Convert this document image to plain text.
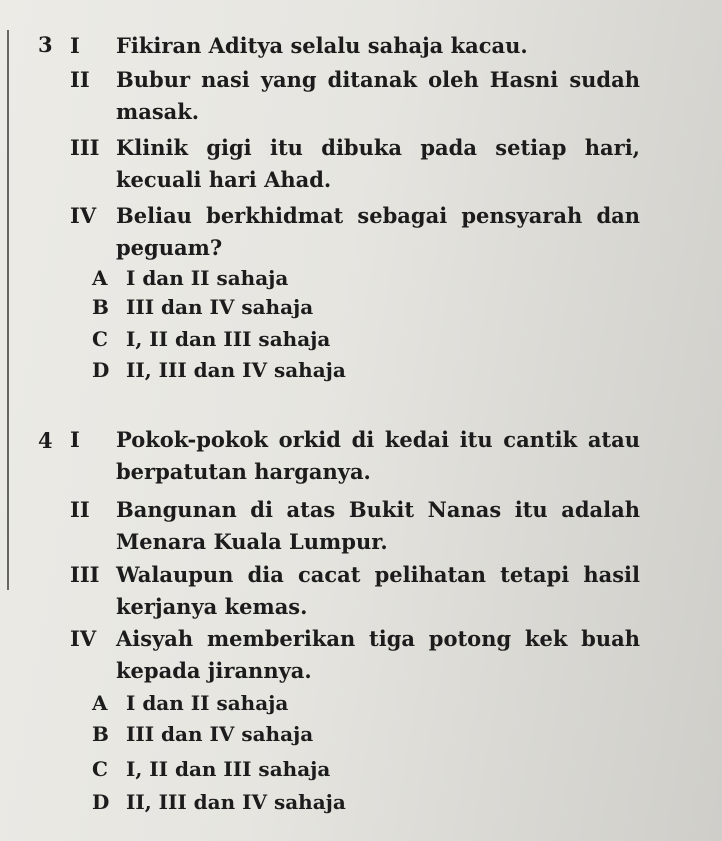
3 I	Fikiran Aditya selalu sahaja kacau.
II	Bubur nasi yang ditanak oleh Hasni sudah masak.
III Klinik gigi itu dibuka pada setiap hari, kecuali hari Ahad.
IV Beliau berkhidmat sebagai pensyarah dan peguam?
A I dan II sahaja
B III dan IV sahaja
C I, II dan III sahaja
D II, III dan IV sahaja
4 I	Pokok-pokok orkid di kedai itu cantik atau berpatutan harganya.
II	Bangunan di atas Bukit Nanas itu adalah Menara Kuala Lumpur.
III Walaupun dia cacat pelihatan tetapi hasil kerjanya kemas.
IV Aisyah memberikan tiga potong kek buah kepada jirannya.
A I dan II sahaja
B III dan IV sahaja
C I, II dan III sahaja
D II, III dan IV sahaja
